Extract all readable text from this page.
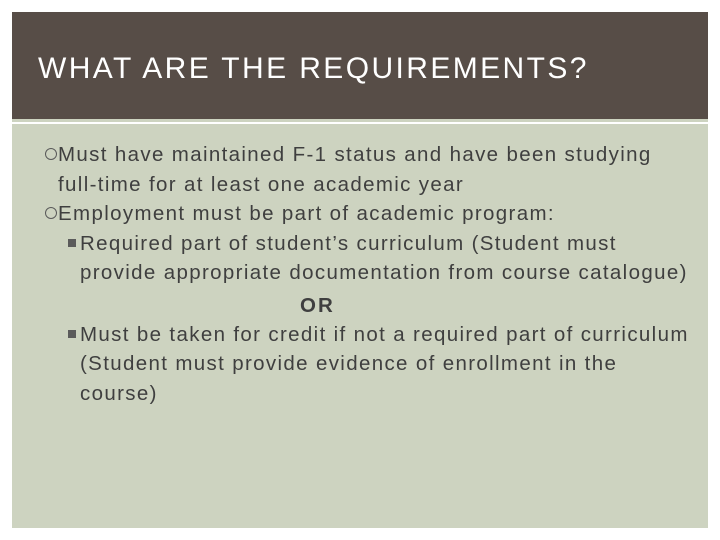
WHAT ARE THE REQUIREMENTS?
Must have maintained F-1 status and have been studying full-time for at least one academic year
Employment must be part of academic program:
Required part of student’s curriculum (Student must provide appropriate documentation from course catalogue)
OR
Must be taken for credit if not a required part of curriculum (Student must provide evidence of enrollment in the course)
